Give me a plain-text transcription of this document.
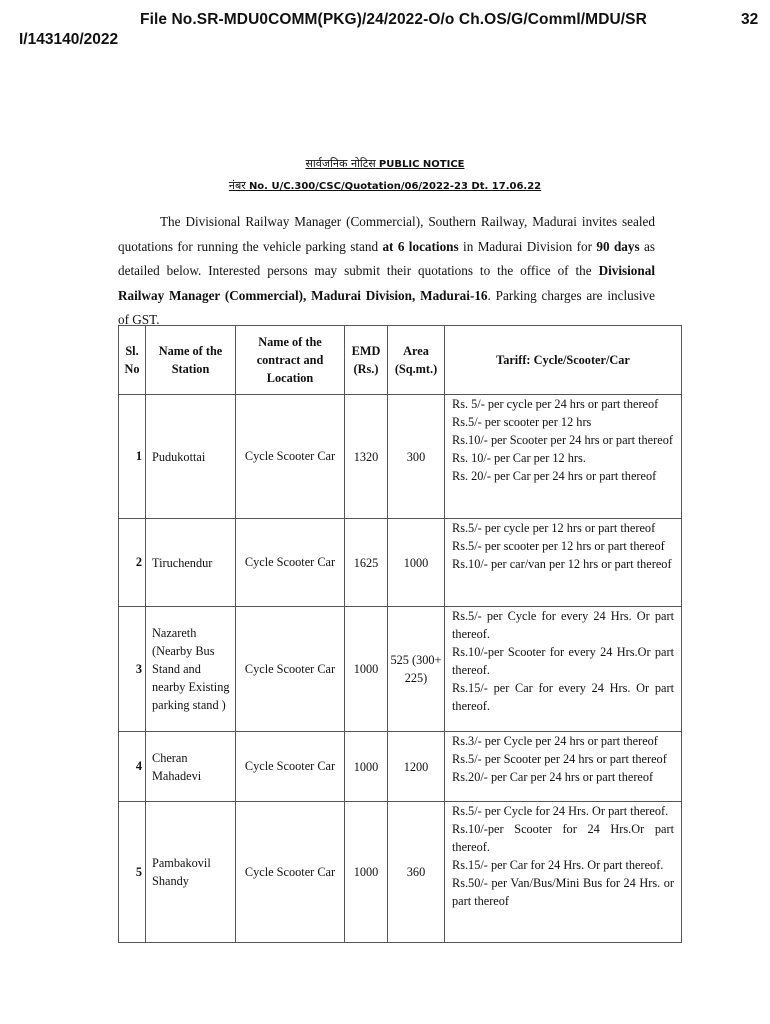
File No.SR-MDU0COMM(PKG)/24/2022-O/o Ch.OS/G/Comml/MDU/SR	32
I/143140/2022
सार्वजनिक नोटिस PUBLIC NOTICE
नंबर No. U/C.300/CSC/Quotation/06/2022-23 Dt. 17.06.22
The Divisional Railway Manager (Commercial), Southern Railway, Madurai invites sealed quotations for running the vehicle parking stand at 6 locations in Madurai Division for 90 days as detailed below. Interested persons may submit their quotations to the office of the Divisional Railway Manager (Commercial), Madurai Division, Madurai-16. Parking charges are inclusive of GST.
Sl. No	Name of the Station	Name of the contract and Location	EMD (Rs.)	Area (Sq.mt.)	Tariff: Cycle/Scooter/Car
1	Pudukottai	Cycle Scooter Car	1320	300	Rs. 5/- per cycle per 24 hrs or part thereof
Rs.5/- per scooter per 12 hrs
Rs.10/- per Scooter per 24 hrs or part thereof
Rs. 10/- per Car per 12 hrs.
Rs. 20/- per Car per 24 hrs or part thereof

2	Tiruchendur	Cycle Scooter Car	1625	1000	Rs.5/- per cycle per 12 hrs or part thereof
Rs.5/- per scooter per 12 hrs or part thereof
Rs.10/- per car/van per 12 hrs or part thereof

3	Nazareth (Nearby Bus Stand and nearby Existing parking stand )	Cycle Scooter Car	1000	525 (300+ 225)	Rs.5/- per Cycle for every 24 Hrs. Or part thereof.
Rs.10/-per Scooter for every 24 Hrs.Or part thereof.
Rs.15/- per Car for every 24 Hrs. Or part thereof.

4	Cheran Mahadevi	Cycle Scooter Car	1000	1200	Rs.3/- per Cycle per 24 hrs or part thereof
Rs.5/- per Scooter per 24 hrs or part thereof
Rs.20/- per Car per 24 hrs or part thereof

5	Pambakovil Shandy	Cycle Scooter Car	1000	360	Rs.5/- per Cycle for 24 Hrs. Or part thereof.
Rs.10/-per Scooter for 24 Hrs.Or part thereof.
Rs.15/- per Car for 24 Hrs. Or part thereof.
Rs.50/- per Van/Bus/Mini Bus for 24 Hrs. or part thereof
